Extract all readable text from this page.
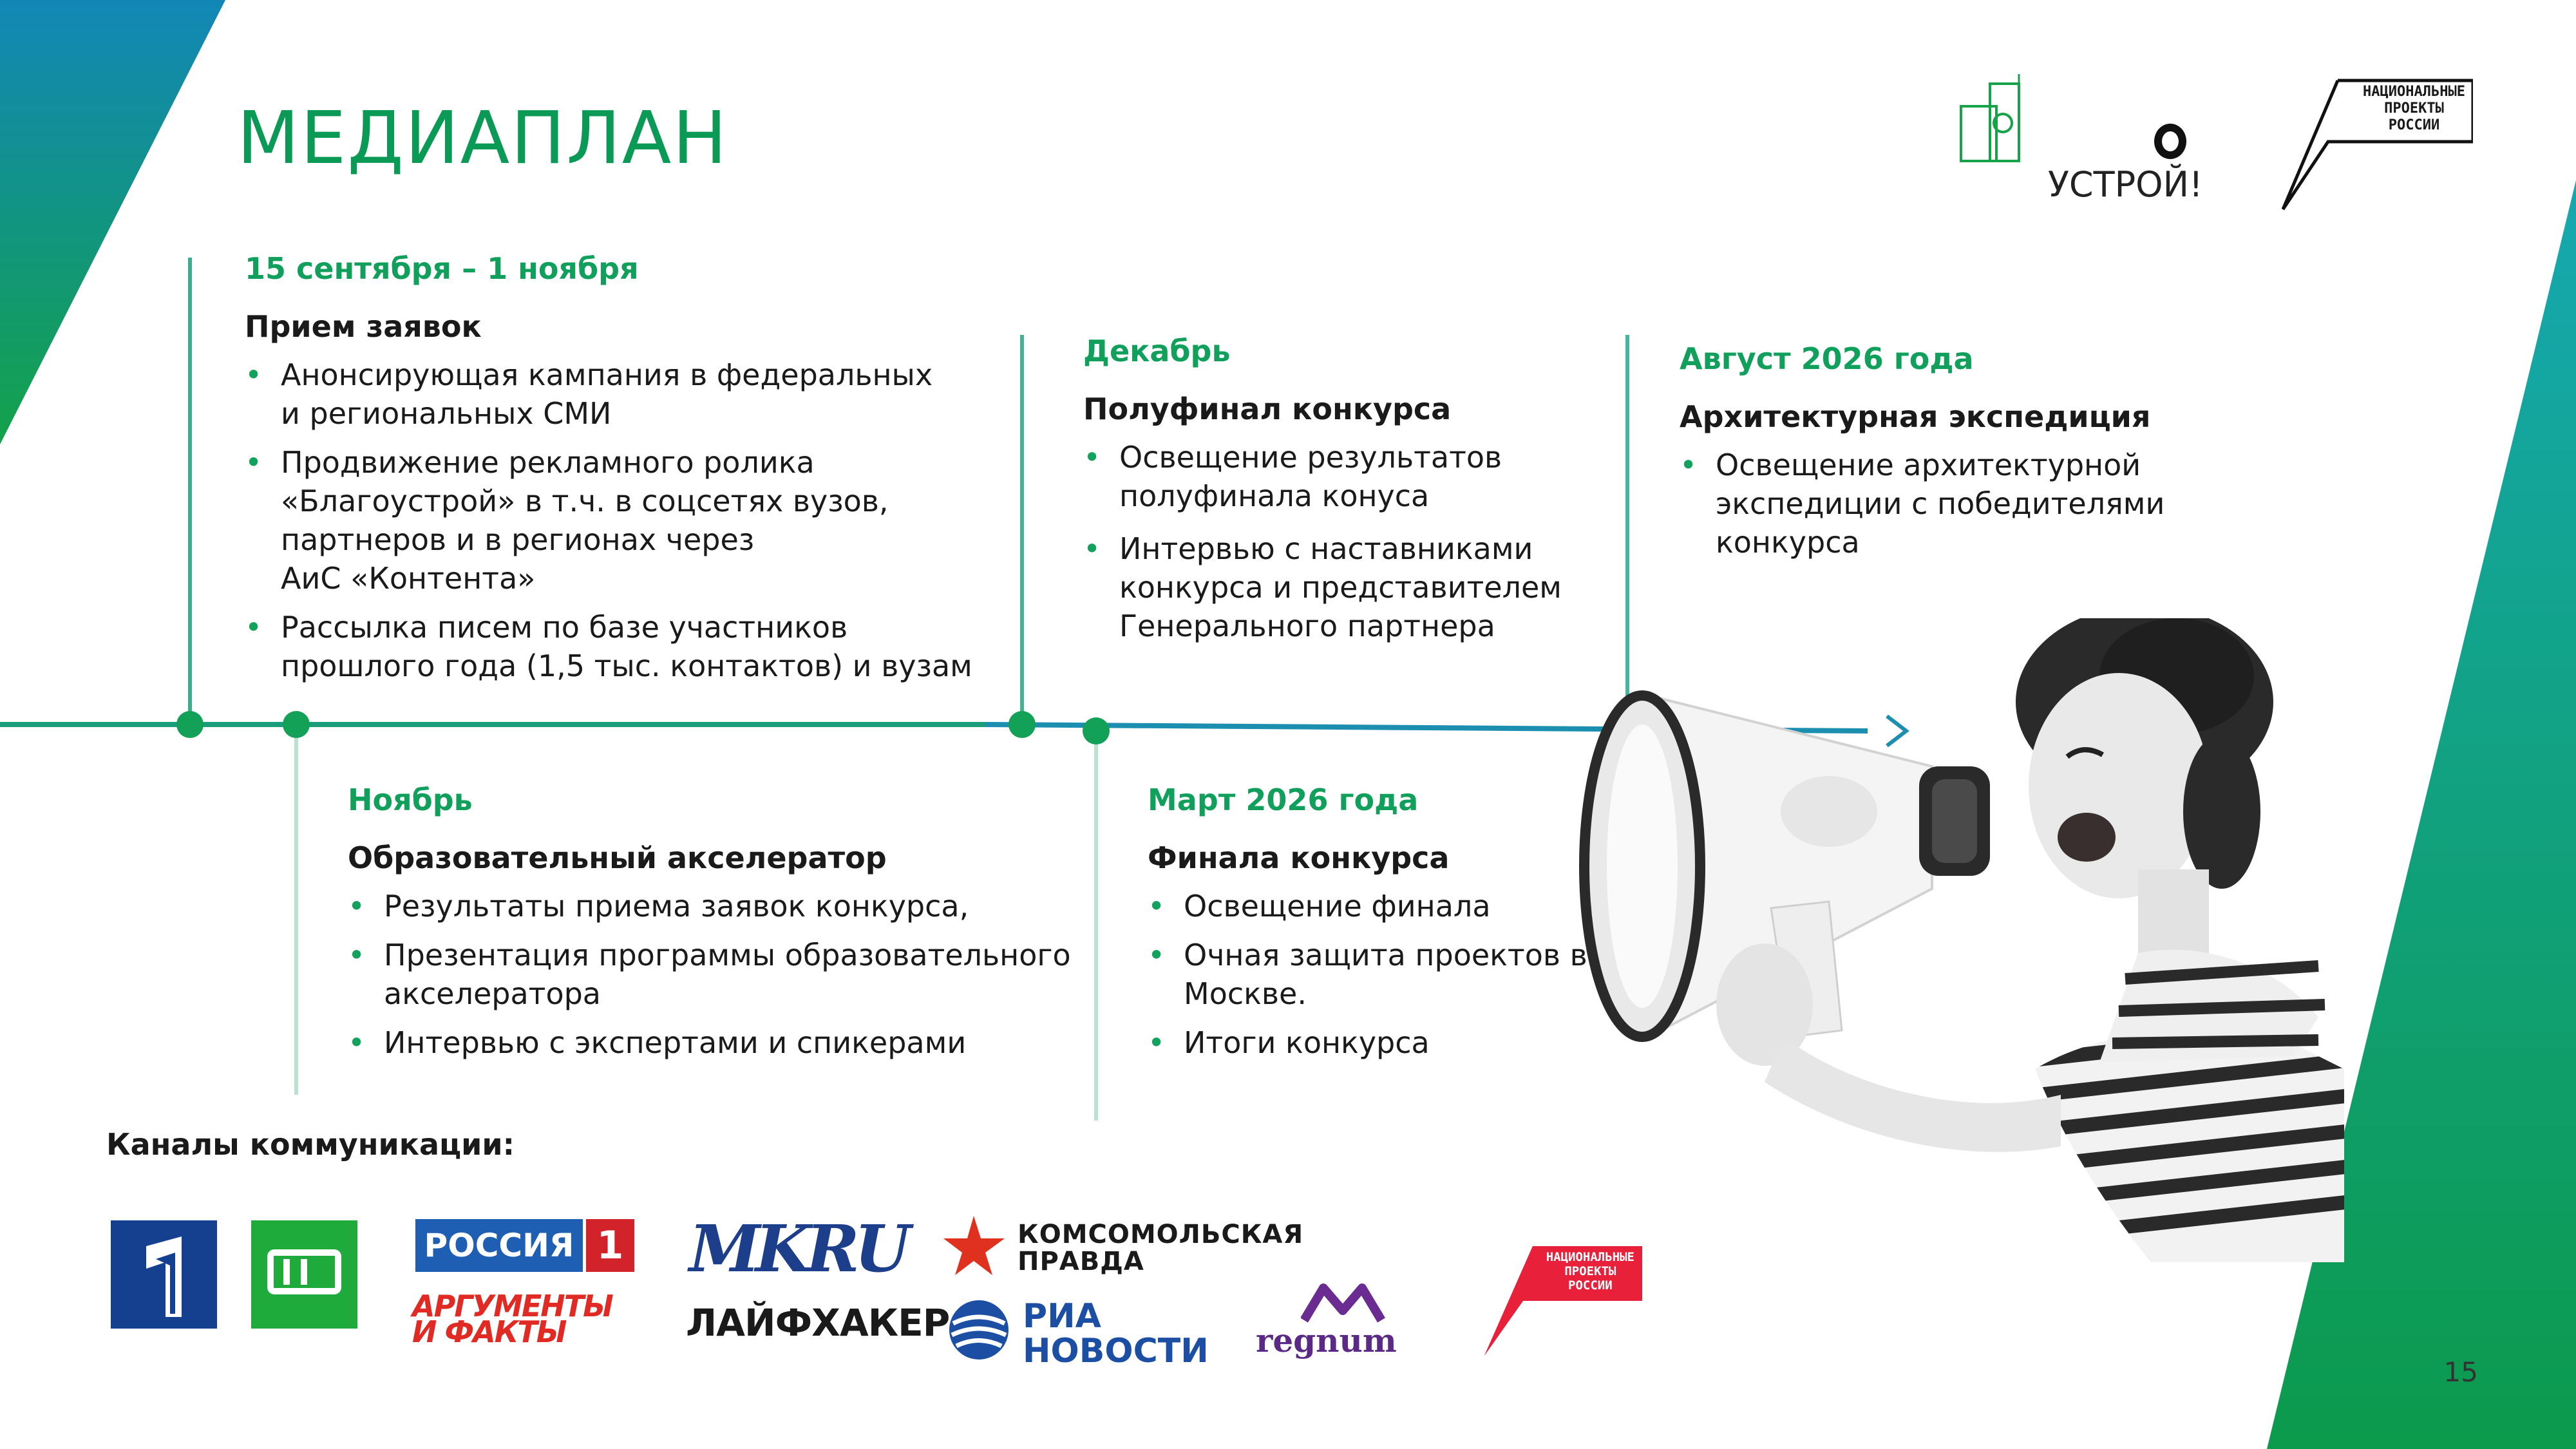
МЕДИАПЛАН
УСТРОЙ!
НАЦИОНАЛЬНЫЕ
ПРОЕКТЫ
РОССИИ
15 сентября – 1 ноября
Прием заявок
• Анонсирующая кампания в федеральных
и региональных СМИ
• Продвижение рекламного ролика
«Благоустрой» в т.ч. в соцсетях вузов,
партнеров и в регионах через
АиС «Контента»
• Рассылка писем по базе участников
прошлого года (1,5 тыс. контактов) и вузам
Декабрь
Полуфинал конкурса
• Освещение результатов
полуфинала конуса
• Интервью с наставниками
конкурса и представителем
Генерального партнера
Август 2026 года
Архитектурная экспедиция
• Освещение архитектурной
экспедиции с победителями
конкурса
Ноябрь
Образовательный акселератор
• Результаты приема заявок конкурса,
• Презентация программы образовательного
акселератора
• Интервью с экспертами и спикерами
Март 2026 года
Финала конкурса
• Освещение финала
• Очная защита проектов в
Москве.
• Итоги конкурса
Каналы коммуникации:
РОССИЯ 1 MKRU	КОМСОМОЛЬСКАЯ
ПРАВДА
АРГУМЕНТЫ
И ФАКТЫ	ЛАЙФХАКЕР РИА
НОВОСТИ regnum
НАЦИОНАЛЬНЫЕ
ПРОЕКТЫ
РОССИИ
15
